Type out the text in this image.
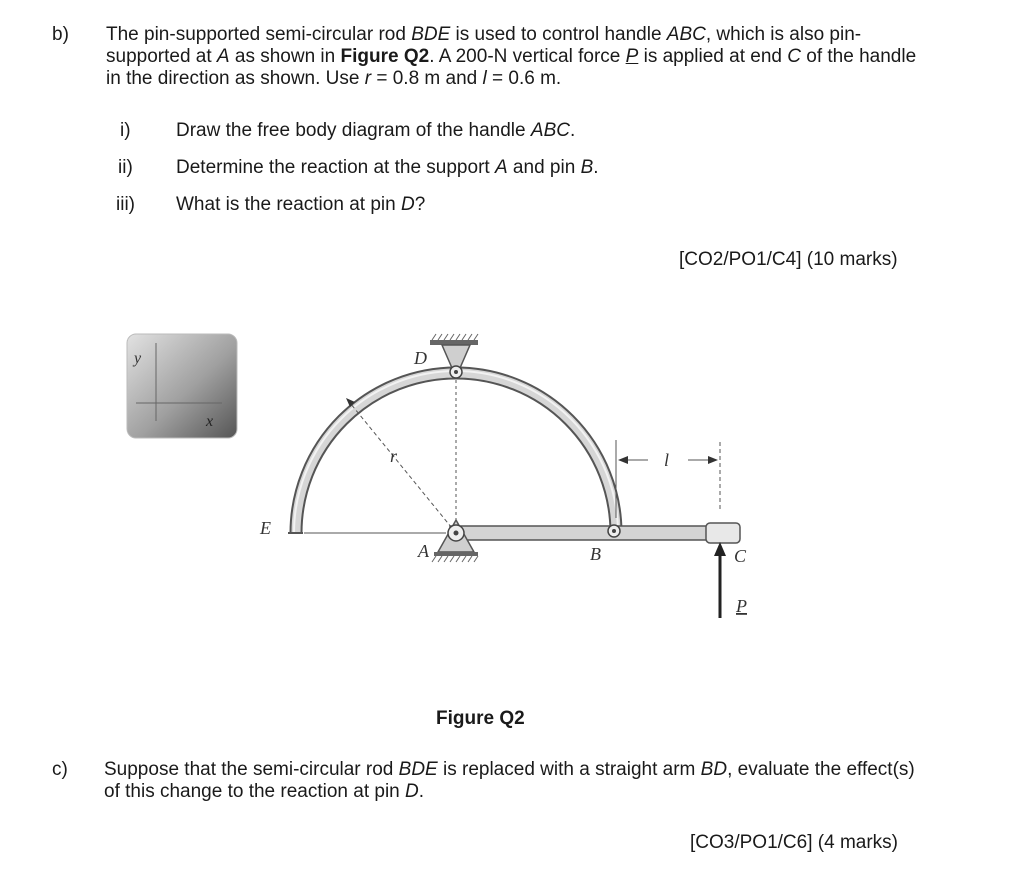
b) The pin-supported semi-circular rod BDE is used to control handle ABC, which is also pin-supported at A as shown in Figure Q2. A 200-N vertical force P is applied at end C of the handle in the direction as shown. Use r = 0.8 m and l = 0.6 m.
i) Draw the free body diagram of the handle ABC.
ii) Determine the reaction at the support A and pin B.
iii) What is the reaction at pin D?
[CO2/PO1/C4] (10 marks)
y
x
D
E
A	B	C
P
r	l
Figure Q2
c) Suppose that the semi-circular rod BDE is replaced with a straight arm BD, evaluate the effect(s) of this change to the reaction at pin D.
[CO3/PO1/C6] (4 marks)
